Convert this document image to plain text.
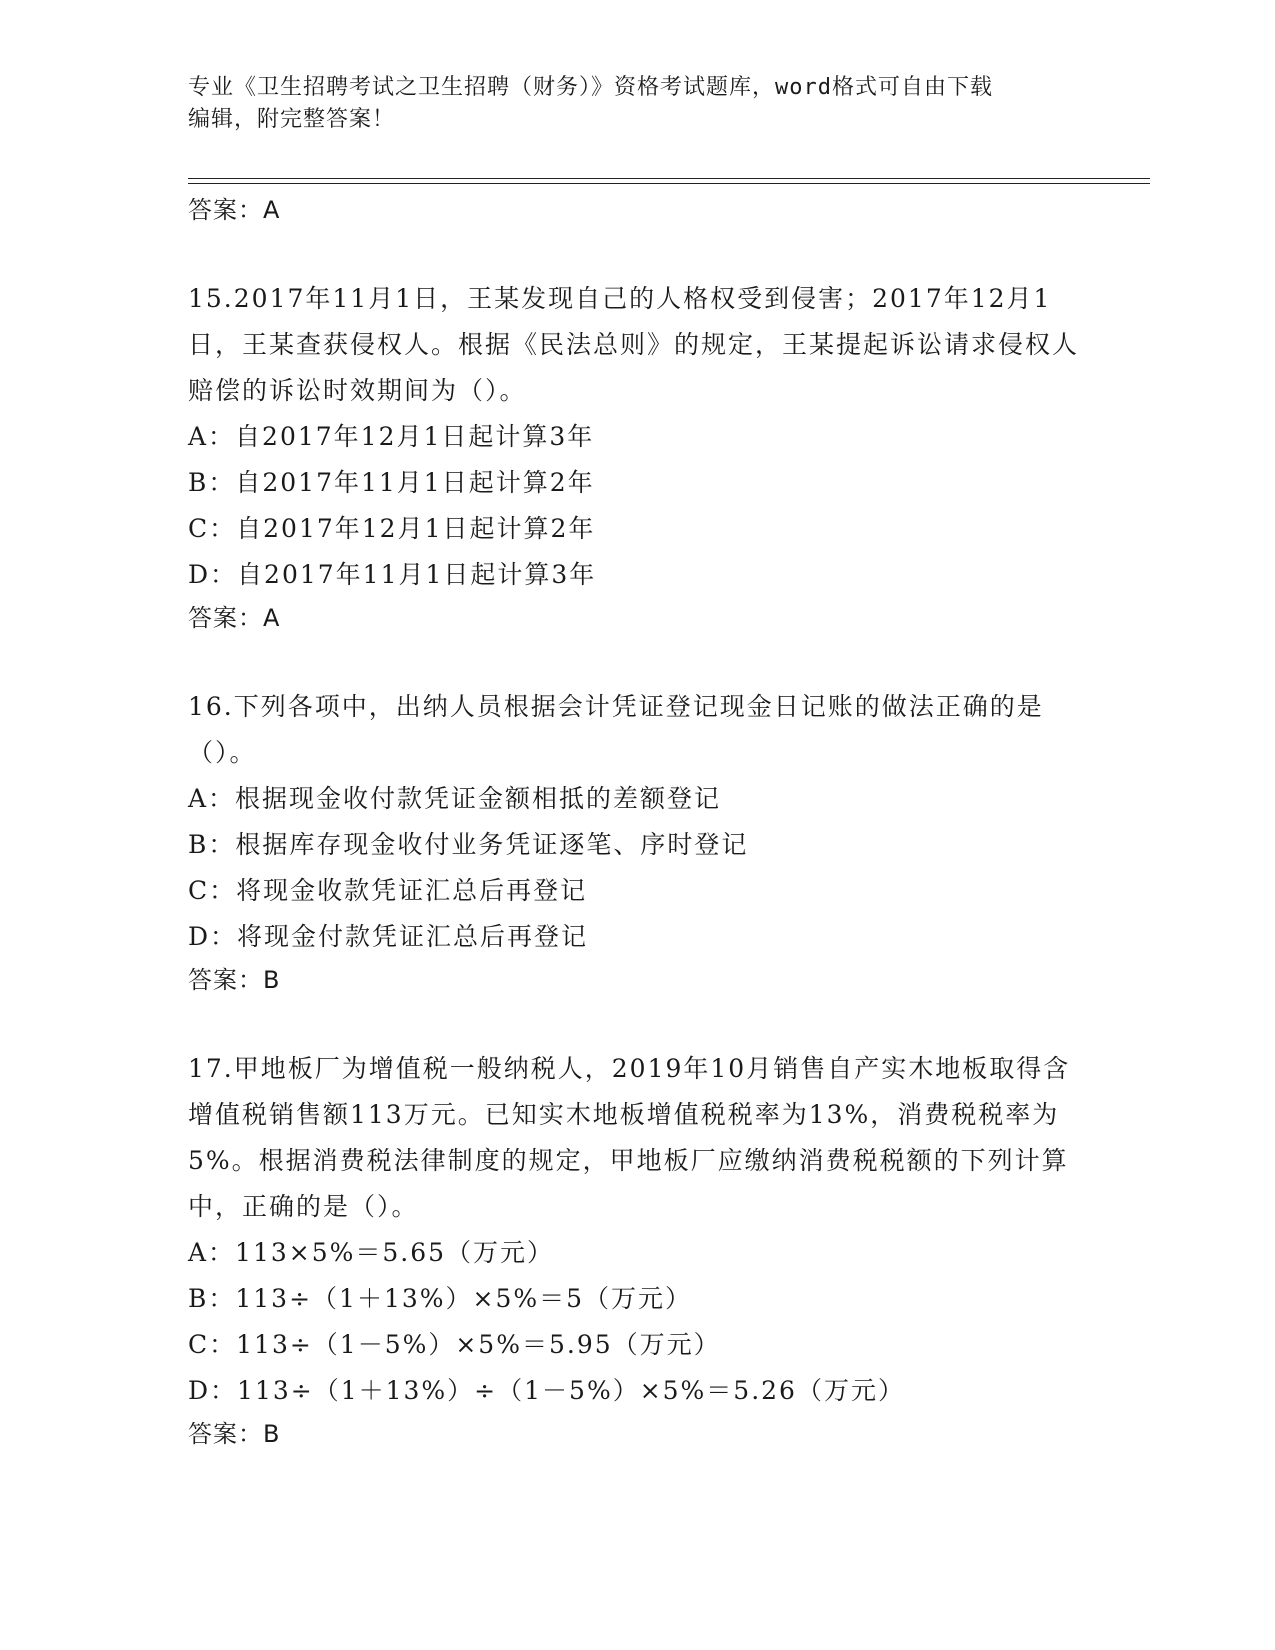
专业《卫生招聘考试之卫生招聘（财务）》资格考试题库，word格式可自由下载
编辑，附完整答案！
答案：A
15.2017年11月1日，王某发现自己的人格权受到侵害；2017年12月1日，王某查获侵权人。根据《民法总则》的规定，王某提起诉讼请求侵权人赔偿的诉讼时效期间为（）。
A：自2017年12月1日起计算3年
B：自2017年11月1日起计算2年
C：自2017年12月1日起计算2年
D：自2017年11月1日起计算3年
答案：A
16.下列各项中，出纳人员根据会计凭证登记现金日记账的做法正确的是（）。
A：根据现金收付款凭证金额相抵的差额登记
B：根据库存现金收付业务凭证逐笔、序时登记
C：将现金收款凭证汇总后再登记
D：将现金付款凭证汇总后再登记
答案：B
17.甲地板厂为增值税一般纳税人，2019年10月销售自产实木地板取得含增值税销售额113万元。已知实木地板增值税税率为13%，消费税税率为5%。根据消费税法律制度的规定，甲地板厂应缴纳消费税税额的下列计算中，正确的是（）。
A：113×5%＝5.65（万元）
B：113÷（1＋13%）×5%＝5（万元）
C：113÷（1－5%）×5%＝5.95（万元）
D：113÷（1＋13%）÷（1－5%）×5%＝5.26（万元）
答案：B
